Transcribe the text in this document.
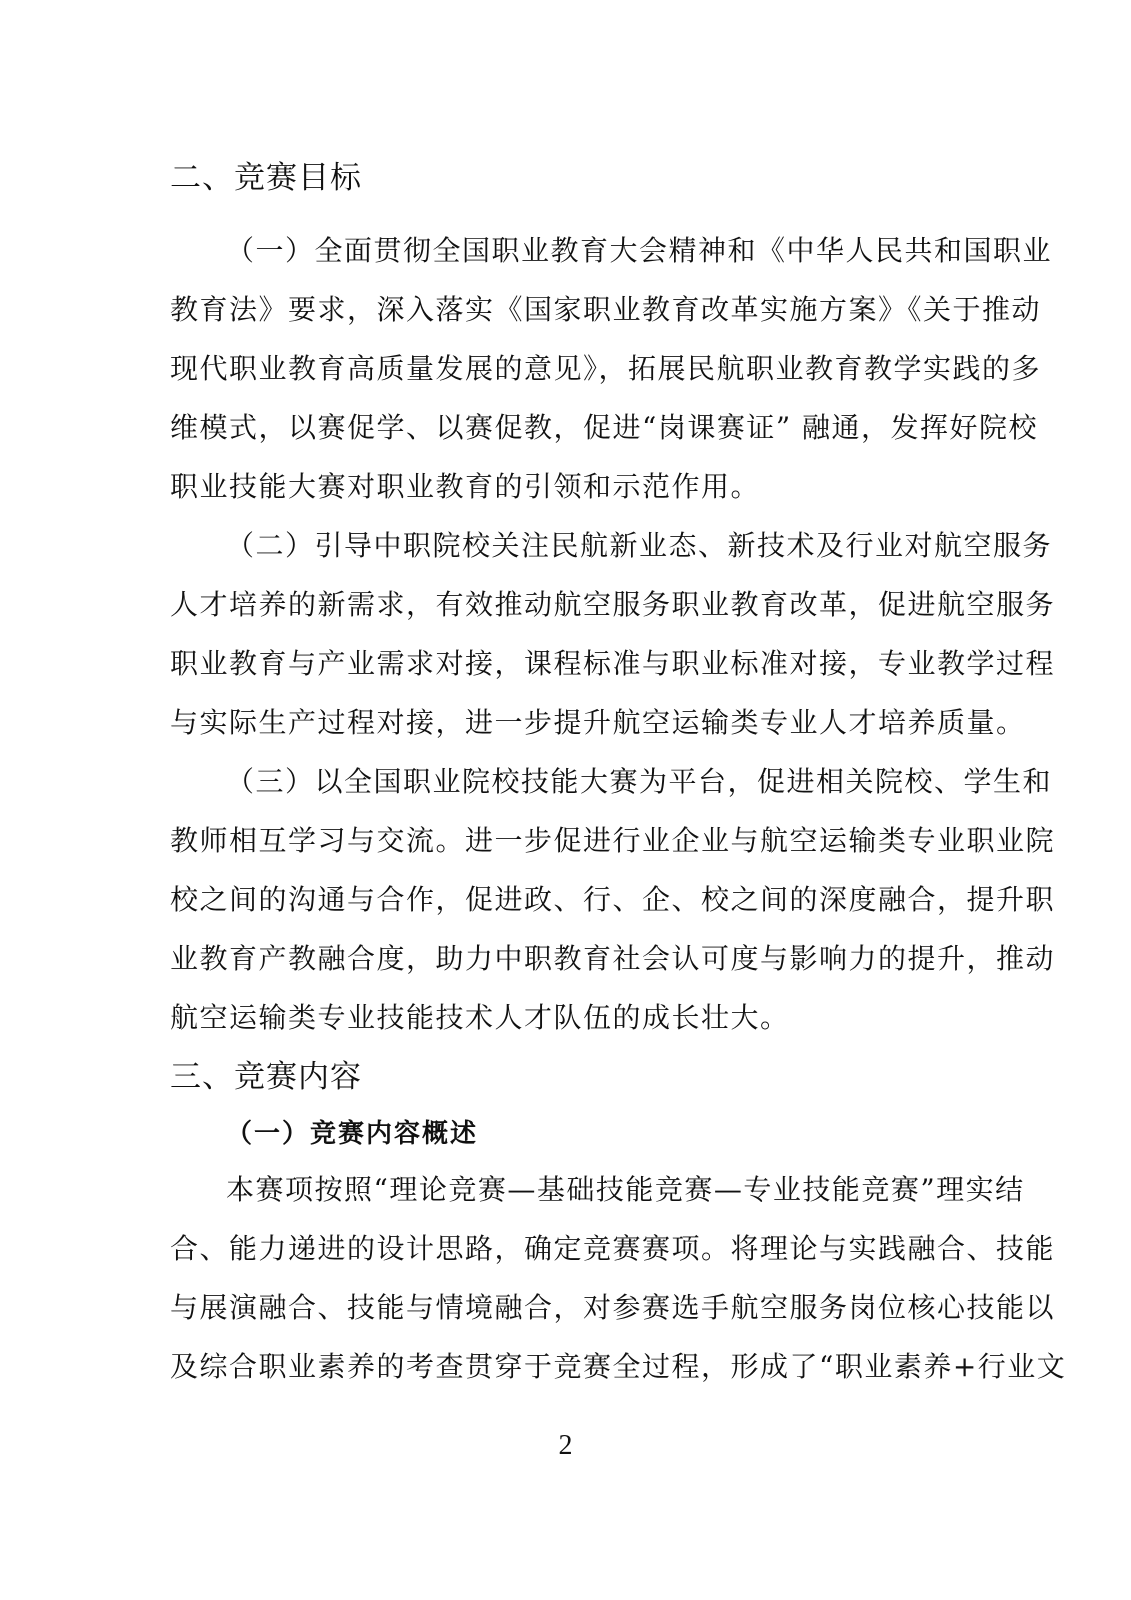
二、竞赛目标
（一）全面贯彻全国职业教育大会精神和《中华人民共和国职业
教育法》要求，深入落实《国家职业教育改革实施方案》《关于推动
现代职业教育高质量发展的意见》，拓展民航职业教育教学实践的多
维模式，以赛促学、以赛促教，促进“岗课赛证” 融通，发挥好院校
职业技能大赛对职业教育的引领和示范作用。
（二）引导中职院校关注民航新业态、新技术及行业对航空服务
人才培养的新需求，有效推动航空服务职业教育改革，促进航空服务
职业教育与产业需求对接，课程标准与职业标准对接，专业教学过程
与实际生产过程对接，进一步提升航空运输类专业人才培养质量。
（三）以全国职业院校技能大赛为平台，促进相关院校、学生和
教师相互学习与交流。进一步促进行业企业与航空运输类专业职业院
校之间的沟通与合作，促进政、行、企、校之间的深度融合，提升职
业教育产教融合度，助力中职教育社会认可度与影响力的提升，推动
航空运输类专业技能技术人才队伍的成长壮大。
三、竞赛内容
（一）竞赛内容概述
本赛项按照“理论竞赛—基础技能竞赛—专业技能竞赛”理实结
合、能力递进的设计思路，确定竞赛赛项。将理论与实践融合、技能
与展演融合、技能与情境融合，对参赛选手航空服务岗位核心技能以
及综合职业素养的考查贯穿于竞赛全过程，形成了“职业素养+行业文
2
